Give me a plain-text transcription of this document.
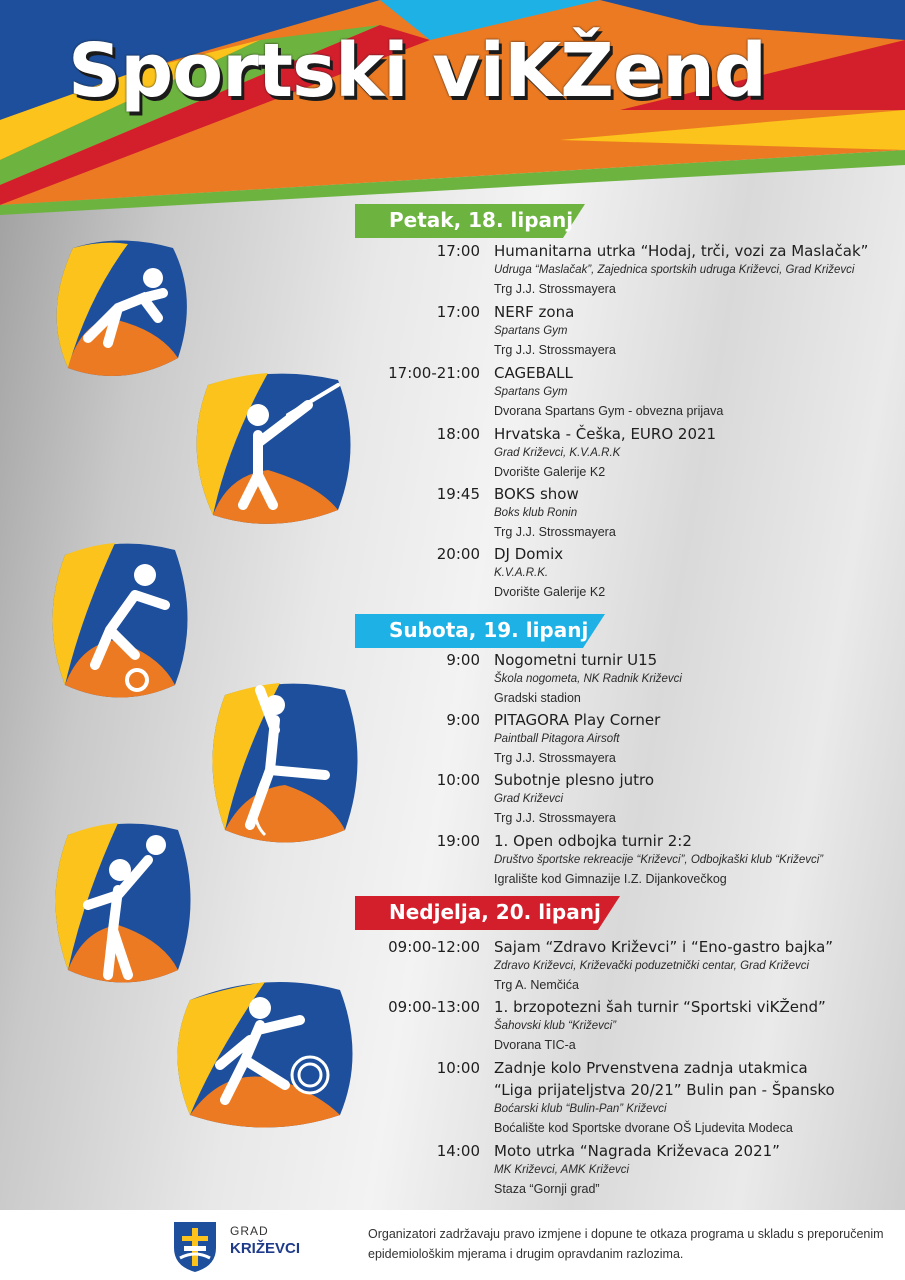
Sportski viKŽend
Petak, 18. lipanj
Subota, 19. lipanj
Nedjelja, 20. lipanj
17:00 Humanitarna utrka “Hodaj, trči, vozi za Maslačak”
Udruga “Maslačak”, Zajednica sportskih udruga Križevci, Grad Križevci
Trg J.J. Strossmayera
17:00 NERF zona
Spartans Gym
Trg J.J. Strossmayera
17:00-21:00 CAGEBALL
Spartans Gym
Dvorana Spartans Gym - obvezna prijava
18:00 Hrvatska - Češka, EURO 2021
Grad Križevci, K.V.A.R.K
Dvorište Galerije K2
19:45 BOKS show
Boks klub Ronin
Trg J.J. Strossmayera
20:00 DJ Domix
K.V.A.R.K.
Dvorište Galerije K2
9:00 Nogometni turnir U15
Škola nogometa, NK Radnik Križevci
Gradski stadion
9:00 PITAGORA Play Corner
Paintball Pitagora Airsoft
Trg J.J. Strossmayera
10:00 Subotnje plesno jutro
Grad Križevci
Trg J.J. Strossmayera
19:00 1. Open odbojka turnir 2:2
Društvo športske rekreacije “Križevci”, Odbojkaški klub “Križevci”
Igralište kod Gimnazije I.Z. Dijankovečkog
09:00-12:00 Sajam “Zdravo Križevci” i “Eno-gastro bajka”
Zdravo Križevci, Križevački poduzetnički centar, Grad Križevci
Trg A. Nemčića
09:00-13:00 1. brzopotezni šah turnir “Sportski viKŽend”
Šahovski klub “Križevci”
Dvorana TIC-a
10:00 Zadnje kolo Prvenstvena zadnja utakmica
“Liga prijateljstva 20/21” Bulin pan - Špansko
Boćarski klub “Bulin-Pan” Križevci
Boćalište kod Sportske dvorane OŠ Ljudevita Modeca
14:00 Moto utrka “Nagrada Križevaca 2021”
MK Križevci, AMK Križevci
Staza “Gornji grad”
GRAD
KRIŽEVCI
Organizatori zadržavaju pravo izmjene i dopune te otkaza programa u skladu s preporučenim epidemiološkim mjerama i drugim opravdanim razlozima.
